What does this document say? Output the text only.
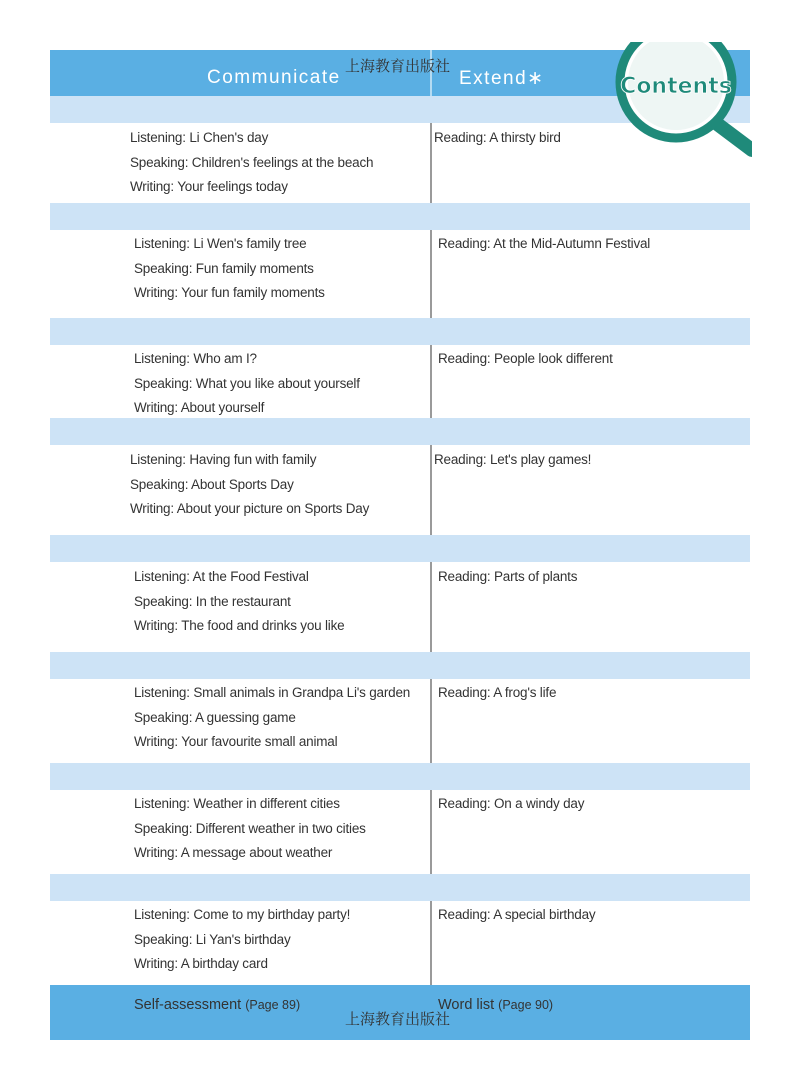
Communicate	Extend∗
上海教育出版社
Listening: Li Chen's day
Speaking: Children's feelings at the beach
Writing: Your feelings today
Reading: A thirsty bird
Listening: Li Wen's family tree
Speaking: Fun family moments
Writing: Your fun family moments
Reading: At the Mid-Autumn Festival
Listening: Who am I?
Speaking: What you like about yourself
Writing: About yourself
Reading: People look different
Listening: Having fun with family
Speaking: About Sports Day
Writing: About your picture on Sports Day
Reading: Let's play games!
Listening: At the Food Festival
Speaking: In the restaurant
Writing: The food and drinks you like
Reading: Parts of plants
Listening: Small animals in Grandpa Li's garden
Speaking: A guessing game
Writing: Your favourite small animal
Reading: A frog's life
Listening: Weather in different cities
Speaking: Different weather in two cities
Writing: A message about weather
Reading: On a windy day
Listening: Come to my birthday party!
Speaking: Li Yan's birthday
Writing: A birthday card
Reading: A special birthday
Self-assessment (Page 89)	Word list (Page 90)
上海教育出版社
Contents
